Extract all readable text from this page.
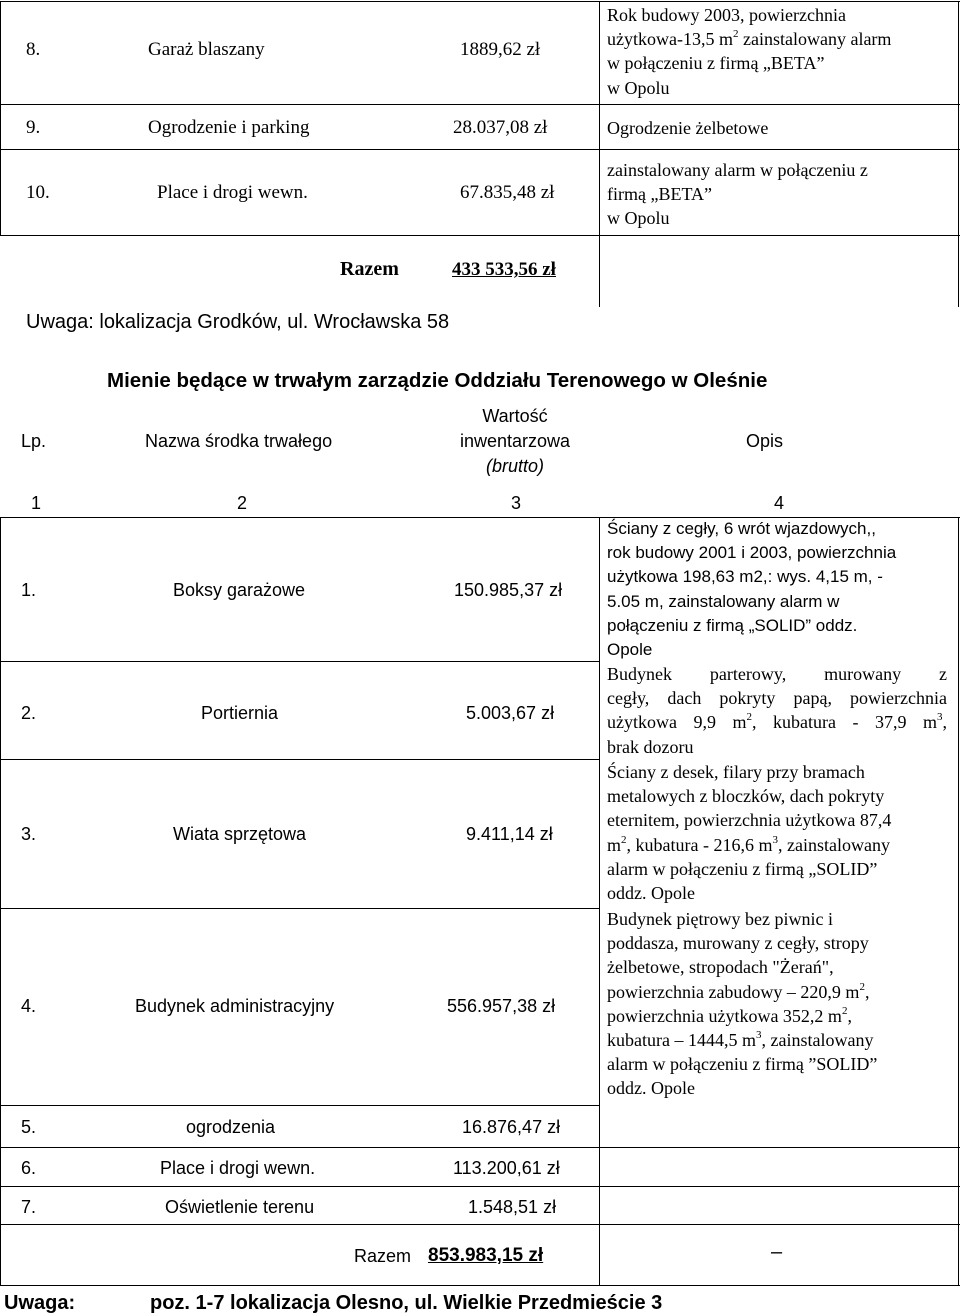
8.	Garaż blaszany	1889,62 zł
Rok budowy 2003, powierzchnia
użytkowa-13,5 $m^2$ zainstalowany alarm
w połączeniu z firmą „BETA”
w Opolu
9.	Ogrodzenie i parking	28.037,08 zł	Ogrodzenie żelbetowe
10.	Place i drogi wewn.	67.835,48 zł
zainstalowany alarm w połączeniu z
firmą „BETA”
w Opolu
Razem	433 533,56 zł
Uwaga: lokalizacja Grodków, ul. Wrocławska 58
Mienie będące w trwałym zarządzie Oddziału Terenowego w Oleśnie
Lp.	Nazwa środka trwałego
Wartość
inwentarzowa
(brutto)
Opis
1	2	3	4
1.	Boksy garażowe	150.985,37 zł
Ściany z cegły, 6 wrót wjazdowych,,
rok budowy 2001 i 2003, powierzchnia
użytkowa 198,63 m2,: wys. 4,15 m, -
5.05 m, zainstalowany alarm w
połączeniu z firmą „SOLID” oddz.
Opole
2.	Portiernia	5.003,67 zł
Budynek parterowy, murowany z
cegły, dach pokryty papą, powierzchnia
użytkowa 9,9 $m^2$, kubatura - 37,9 $m^3$,
brak dozoru
3.	Wiata sprzętowa	9.411,14 zł
Ściany z desek, filary przy bramach
metalowych z bloczków, dach pokryty
eternitem, powierzchnia użytkowa 87,4
$m^2$, kubatura - 216,6 $m^3$, zainstalowany
alarm w połączeniu z firmą „SOLID”
oddz. Opole
4.	Budynek administracyjny	556.957,38 zł
Budynek piętrowy bez piwnic i
poddasza, murowany z cegły, stropy
żelbetowe, stropodach "Żerań",
powierzchnia zabudowy – 220,9 $m^2$,
powierzchnia użytkowa 352,2 $m^2$,
kubatura – 1444,5 $m^3$, zainstalowany
alarm w połączeniu z firmą ”SOLID”
oddz. Opole
5.	ogrodzenia	16.876,47 zł
6.	Place i drogi wewn.	113.200,61 zł
7.	Oświetlenie terenu	1.548,51 zł
Razem 853.983,15 zł	–
Uwaga:	poz. 1-7 lokalizacja Olesno, ul. Wielkie Przedmieście 3
